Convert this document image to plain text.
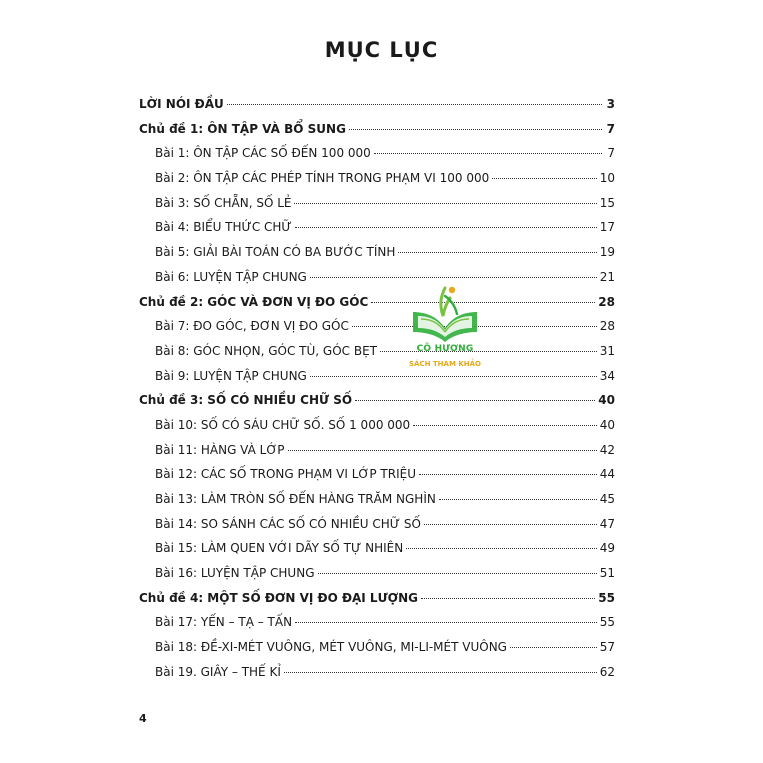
MỤC LỤC
LỜI NÓI ĐẦU	3
Chủ đề 1: ÔN TẬP VÀ BỔ SUNG	7
Bài 1: ÔN TẬP CÁC SỐ ĐẾN 100 000	7
Bài 2: ÔN TẬP CÁC PHÉP TÍNH TRONG PHẠM VI 100 000	10
Bài 3: SỐ CHẴN, SỐ LẺ	15
Bài 4: BIỂU THỨC CHỮ	17
Bài 5: GIẢI BÀI TOÁN CÓ BA BƯỚC TÍNH	19
Bài 6: LUYỆN TẬP CHUNG	21
Chủ đề 2: GÓC VÀ ĐƠN VỊ ĐO GÓC	28
Bài 7: ĐO GÓC, ĐƠN VỊ ĐO GÓC	28
Bài 8: GÓC NHỌN, GÓC TÙ, GÓC BẸT	31
Bài 9: LUYỆN TẬP CHUNG	34
Chủ đề 3: SỐ CÓ NHIỀU CHỮ SỐ	40
Bài 10: SỐ CÓ SÁU CHỮ SỐ. SỐ 1 000 000	40
Bài 11: HÀNG VÀ LỚP	42
Bài 12: CÁC SỐ TRONG PHẠM VI LỚP TRIỆU	44
Bài 13: LÀM TRÒN SỐ ĐẾN HÀNG TRĂM NGHÌN	45
Bài 14: SO SÁNH CÁC SỐ CÓ NHIỀU CHỮ SỐ	47
Bài 15: LÀM QUEN VỚI DÃY SỐ TỰ NHIÊN	49
Bài 16: LUYỆN TẬP CHUNG	51
Chủ đề 4: MỘT SỐ ĐƠN VỊ ĐO ĐẠI LƯỢNG	55
Bài 17: YẾN – TẠ – TẤN	55
Bài 18: ĐỀ-XI-MÉT VUÔNG, MÉT VUÔNG, MI-LI-MÉT VUÔNG	57
Bài 19. GIÂY – THẾ KỈ	62
CÔ HƯƠNG
SÁCH THAM KHẢO
4
